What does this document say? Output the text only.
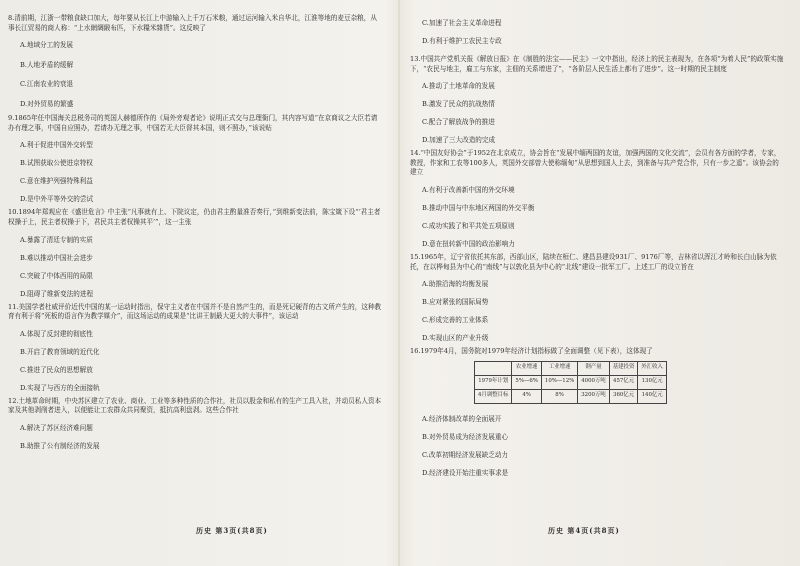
8.清前期，江浙一带粮食缺口加大，每年要从长江上中游输入上千万石米粮，通过运河输入米自华北，江淮等地的麦豆杂粮，从事长江贸易的商人称：“上水網綢緞布匹，下水糧米雜貨”。这反映了

A.地域分工的发展
B.人地矛盾的缓解
C.江南农业的衰退
D.对外贸易的繁盛

9.1865年任中国海关总税务司的英国人赫德所作的《局外旁观者论》说明正式交与总理衙门，其内容写道“在京商议之大臣若请办有理之事，中国自应照办，若请办无理之事，中国若无大臣督其本国，则不照办，”该说贴

A.利于促进中国外交转型
B.试图获取公使进京特权
C.意在维护列强特殊利益
D.是中外平等外交的尝试

10.1894年郑观应在《盛世危言》中主张“凡事就有上、下院议定，仍由君主酌量准否奏行，”到维新变法前，陈宝箴下设“‘君主者权操于上，民主者权操于下，君民共主者权操其平’”，这一主张

A.暴露了清廷专制的实质
B.难以推动中国社会进步
C.突破了中体西用的局限
D.阻碍了维新变法的进程

11.美国学者杜威评价近代中国的某一运动时指出，保守主义者在中国并不是自然产生的，而是死记硬背的古文所产生的，这种教育有利于将“死板的语言作为教学媒介”，而这场运动的成果是“比讲王制最大更大的大事件”，该运动

A.体现了反封建的彻底性
B.开启了教育领域的近代化
C.推进了民众的思想解放
D.实现了与西方的全面接轨

12.土地革命时期，中央苏区建立了农业、商业、工业等多种性质的合作社，社员以股金和私有的生产工具入社，并动员私人资本家及其他剥削者进入，以便能让工农群众共同聚资，抵抗高利盘剥。这些合作社

A.解决了苏区经济难问题
B.助推了公有制经济的发展
历史 第3页(共8页)
C.加速了社会主义革命进程
D.有利于维护工农民主专政

13.中国共产党机关报《解放日报》在《制胜的法宝——民主》一文中指出，经济上的民主表现为，在各项“为着人民”的政策实施下，“农民与地主，雇工与东家，主佃的关系增进了”，“各阶层人民生活上都有了进步”。这一时期的民主制度

A.推动了土地革命的发展
B.激发了民众的抗战热情
C.配合了解放战争的推进
D.加速了三大改造的完成

14.“中国友好协会”于1952在北京成立，协会旨在“发展中缅两国的友谊，加强两国的文化交流”，会员有各方面的学者，专家，教授，作家和工农等100多人，英国外交部曾大使称缅甸“从思想到国人上去，到准备与共产党合作，只有一步之遥”。该协会的建立

A.有利于改善新中国的外交环境
B.推动中国与中东地区两国的外交平衡
C.成功实践了和平共处五项原则
D.意在扭转新中国的政治影响力

15.1965年，辽宁省依托其东部，西部山区，陆续在桓仁、建昌县建设931厂、9176厂等，吉林省以浑江才岭和长白山脉为依托，在以桦甸县为中心的“南线”与以敦化县为中心的“北线”建设一批军工厂。上述工厂的设立旨在

A.助推沿海的均衡发展
B.应对紧张的国际局势
C.形成完善的工业体系
D.实现山区的产业升级

16.1979年4月，国务院对1979年经济计划指标做了全面调整（见下表），这体现了

	农业增速	工业增速	钢产量	基建投资	外汇收入
1979年计划	5%—6%	10%—12%	4000万吨	457亿元	130亿元
4月调整目标	4%	8%	3200万吨	360亿元	140亿元
A.经济体制改革的全面展开
B.对外贸易成为经济发展重心
C.改革初期经济发展缺乏动力
D.经济建设开始注重实事求是
历史 第4页(共8页)
